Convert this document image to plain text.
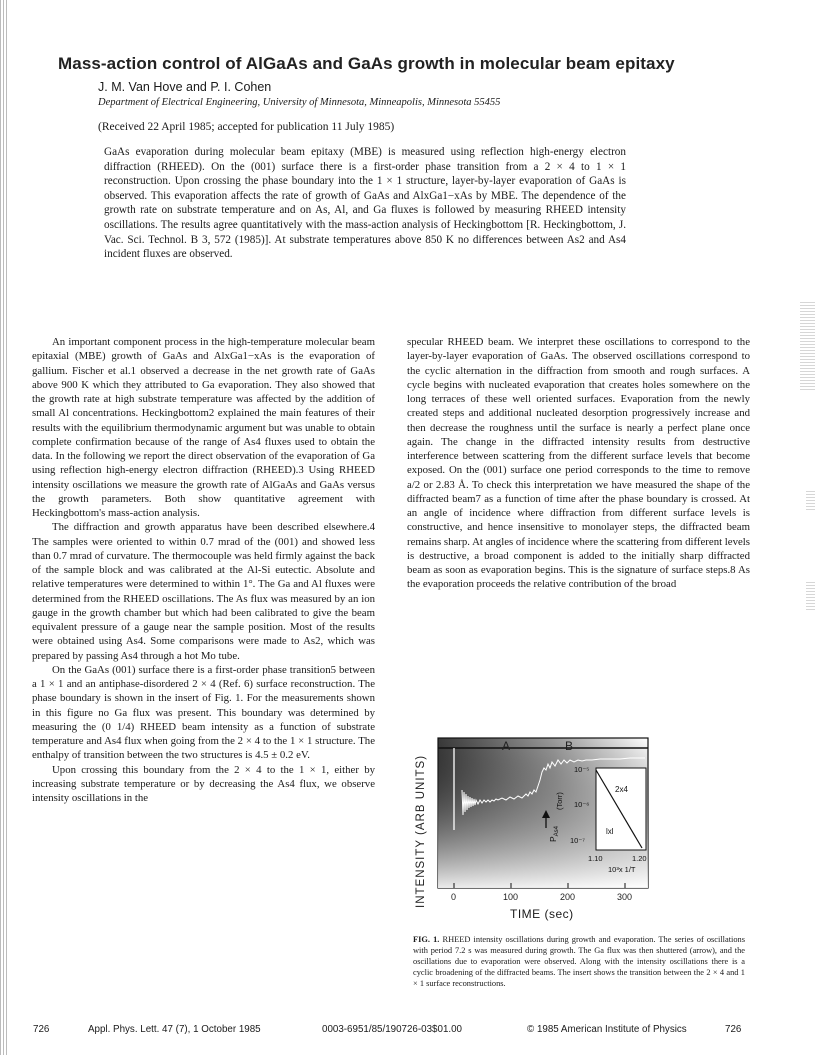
Mass-action control of AlGaAs and GaAs growth in molecular beam epitaxy
J. M. Van Hove and P. I. Cohen
Department of Electrical Engineering, University of Minnesota, Minneapolis, Minnesota 55455
(Received 22 April 1985; accepted for publication 11 July 1985)
GaAs evaporation during molecular beam epitaxy (MBE) is measured using reflection high-energy electron diffraction (RHEED). On the (001) surface there is a first-order phase transition from a 2 × 4 to 1 × 1 reconstruction. Upon crossing the phase boundary into the 1 × 1 structure, layer-by-layer evaporation of GaAs is observed. This evaporation affects the rate of growth of GaAs and AlxGa1−xAs by MBE. The dependence of the growth rate on substrate temperature and on As, Al, and Ga fluxes is followed by measuring RHEED intensity oscillations. The results agree quantitatively with the mass-action analysis of Heckingbottom [R. Heckingbottom, J. Vac. Sci. Technol. B 3, 572 (1985)]. At substrate temperatures above 850 K no differences between As2 and As4 incident fluxes are observed.

An important component process in the high-temperature molecular beam epitaxial (MBE) growth of GaAs and AlxGa1−xAs is the evaporation of gallium. Fischer et al.1 observed a decrease in the net growth rate of GaAs above 900 K which they attributed to Ga evaporation. They also showed that the growth rate at high substrate temperature was affected by the addition of small Al concentrations. Heckingbottom2 explained the main features of their results with the equilibrium thermodynamic argument but was unable to obtain complete confirmation because of the range of As4 fluxes used to obtain the data. In the following we report the direct observation of the evaporation of Ga using reflection high-energy electron diffraction (RHEED).3 Using RHEED intensity oscillations we measure the growth rate of AlGaAs and GaAs versus the growth parameters. Both show quantitative agreement with Heckingbottom's mass-action analysis.

The diffraction and growth apparatus have been described elsewhere.4 The samples were oriented to within 0.7 mrad of the (001) and showed less than 0.7 mrad of curvature. The thermocouple was held firmly against the back of the sample block and was calibrated at the Al-Si eutectic. Absolute and relative temperatures were determined to within 1°. The Ga and Al fluxes were determined from the RHEED oscillations. The As flux was measured by an ion gauge in the growth chamber but which had been calibrated to give the beam equivalent pressure of a gauge near the sample position. Most of the results were obtained using As4. Some comparisons were made to As2, which was prepared by passing As4 through a hot Mo tube.

On the GaAs (001) surface there is a first-order phase transition5 between a 1 × 1 and an antiphase-disordered 2 × 4 (Ref. 6) surface reconstruction. The phase boundary is shown in the insert of Fig. 1. For the measurements shown in this figure no Ga flux was present. This boundary was determined by measuring the (0 1/4) RHEED beam intensity as a function of substrate temperature and As4 flux when going from the 2 × 4 to the 1 × 1 structure. The enthalpy of transition between the two structures is 4.5 ± 0.2 eV.

Upon crossing this boundary from the 2 × 4 to the 1 × 1, either by increasing substrate temperature or by decreasing the As4 flux, we observe intensity oscillations in the

specular RHEED beam. We interpret these oscillations to correspond to the layer-by-layer evaporation of GaAs. The observed oscillations correspond to the cyclic alternation in the diffraction from smooth and rough surfaces. A cycle begins with nucleated evaporation that creates holes somewhere on the long terraces of these well oriented surfaces. Evaporation from the newly created steps and additional nucleated desorption progressively increase and then decrease the roughness until the surface is nearly a perfect plane once again. The change in the diffracted intensity results from destructive interference between scattering from the different surface levels that become exposed. On the (001) surface one period corresponds to the time to remove a/2 or 2.83 Å. To check this interpretation we have measured the shape of the diffracted beam7 as a function of time after the phase boundary is crossed. At an angle of incidence where diffraction from different surface levels is constructive, and hence insensitive to monolayer steps, the diffracted beam remains sharp. At angles of incidence where the scattering from different levels is destructive, a broad component is added to the initially sharp diffracted beam as soon as evaporation begins. This is the signature of surface steps.8 As the evaporation proceeds the relative contribution of the broad

INTENSITY (ARB UNITS)
A	B
2x4
lxl
10⁻⁵
10⁻⁶
10⁻⁷
1.10	1.20
10³x 1/T
(Torr)
$P_{As4}$
0	100	200	300
TIME (sec)
FIG. 1. RHEED intensity oscillations during growth and evaporation. The series of oscillations with period 7.2 s was measured during growth. The Ga flux was then shuttered (arrow), and the oscillations due to evaporation were observed. Along with the intensity oscillations there is a cyclic broadening of the diffracted beams. The insert shows the transition between the 2 × 4 and 1 × 1 surface reconstructions.
726	Appl. Phys. Lett. 47 (7), 1 October 1985	0003-6951/85/190726-03$01.00	© 1985 American Institute of Physics	726
